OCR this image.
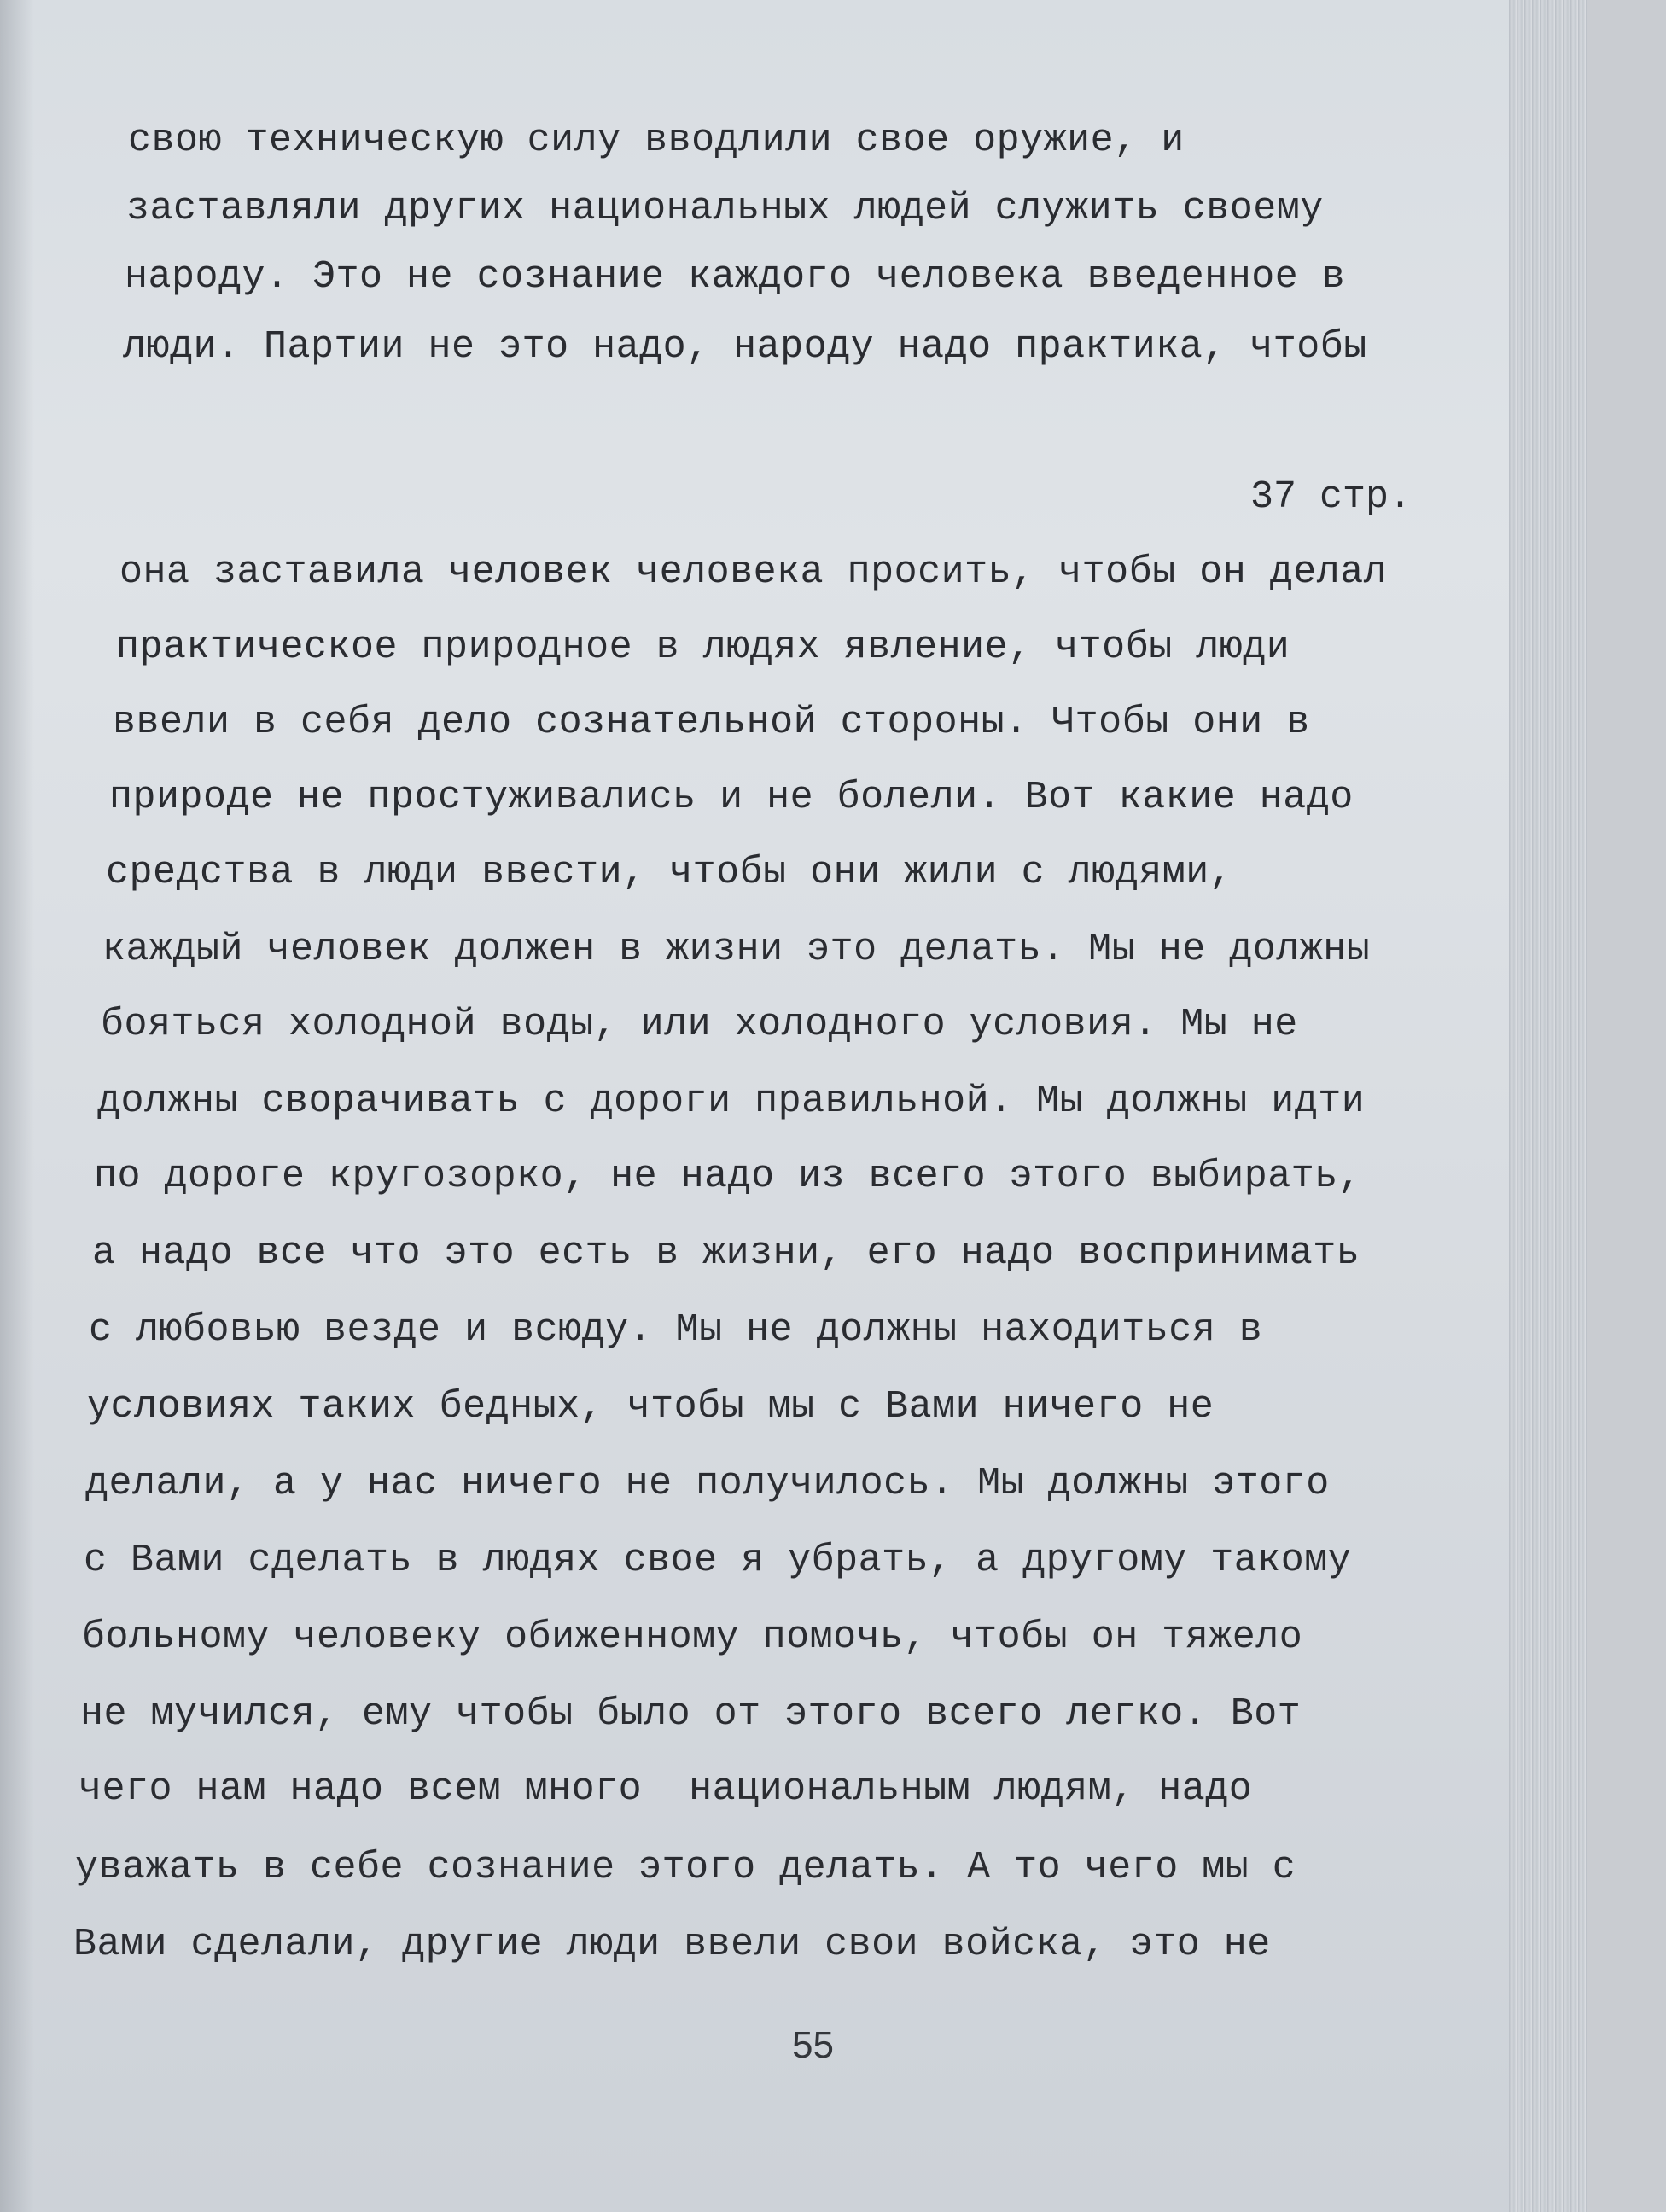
свою техническую силу вводлили свое оружие, и
заставляли других национальных людей служить своему
народу. Это не сознание каждого человека введенное в
люди. Партии не это надо, народу надо практика, чтобы
37 стр.
она заставила человек человека просить, чтобы он делал
практическое природное в людях явление, чтобы люди
ввели в себя дело сознательной стороны. Чтобы они в
природе не простуживались и не болели. Вот какие надо
средства в люди ввести, чтобы они жили с людями,
каждый человек должен в жизни это делать. Мы не должны
бояться холодной воды, или холодного условия. Мы не
должны сворачивать с дороги правильной. Мы должны идти
по дороге кругозорко, не надо из всего этого выбирать,
а надо все что это есть в жизни, его надо воспринимать
с любовью везде и всюду. Мы не должны находиться в
условиях таких бедных, чтобы мы с Вами ничего не
делали, а у нас ничего не получилось. Мы должны этого
с Вами сделать в людях свое я убрать, а другому такому
больному человеку обиженному помочь, чтобы он тяжело
не мучился, ему чтобы было от этого всего легко. Вот
чего нам надо всем много  национальным людям, надо
уважать в себе сознание этого делать. А то чего мы с
Вами сделали, другие люди ввели свои войска, это не
55
